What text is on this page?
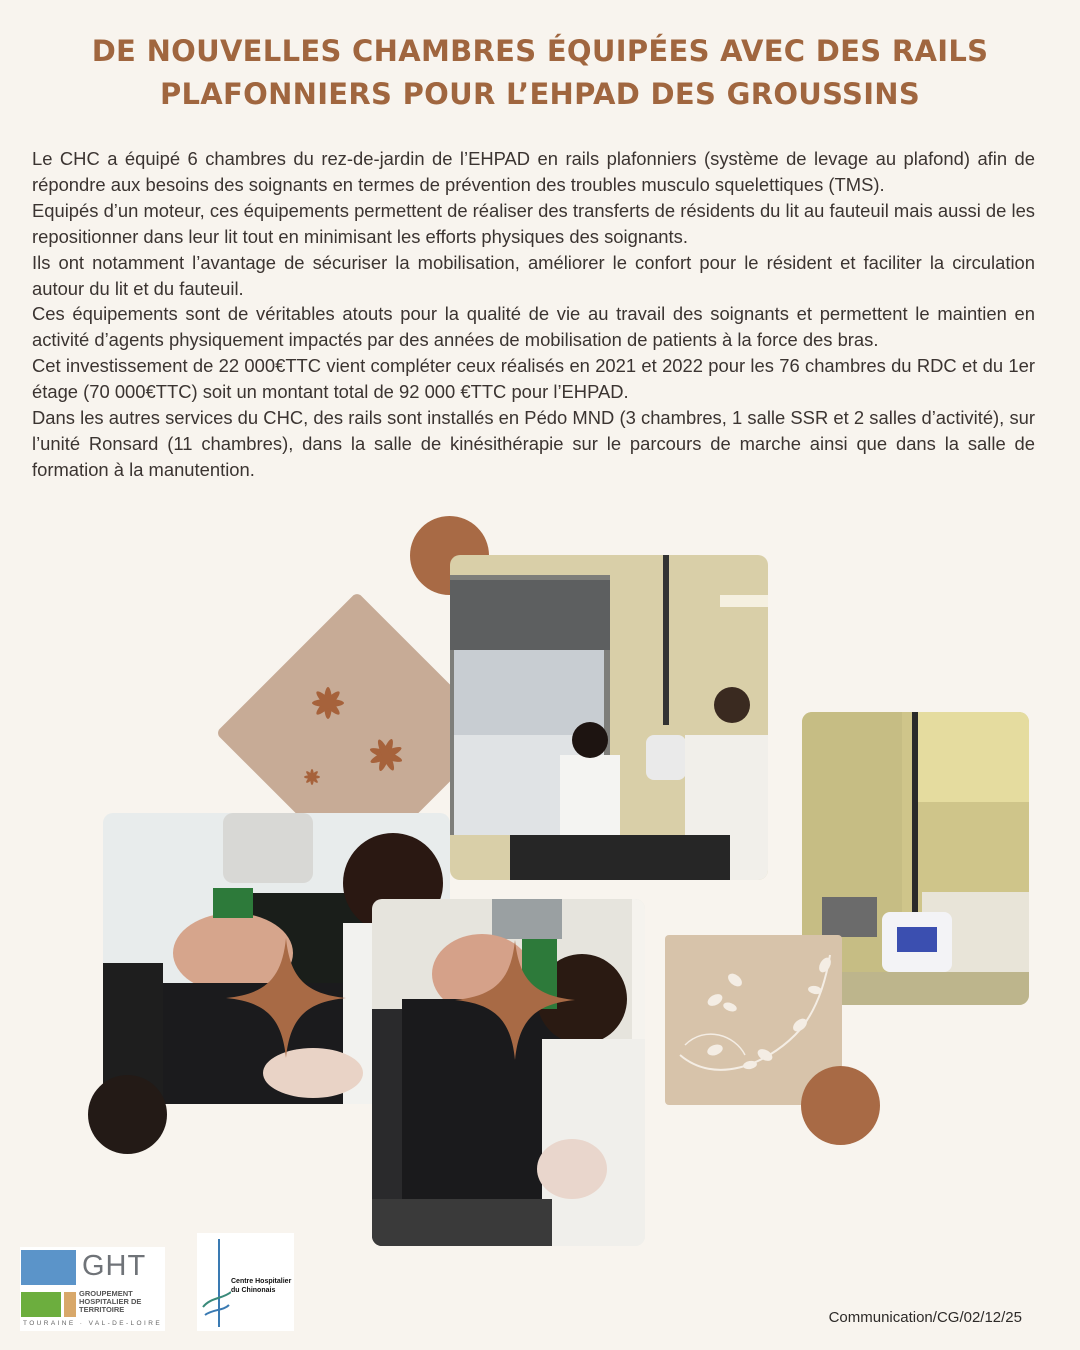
DE NOUVELLES CHAMBRES ÉQUIPÉES AVEC DES RAILS
PLAFONNIERS POUR L’EHPAD DES GROUSSINS

Le CHC a équipé 6 chambres du rez-de-jardin de l’EHPAD en rails plafonniers (système de levage au plafond) afin de répondre aux besoins des soignants en termes de prévention des troubles musculo squelettiques (TMS).

Equipés d’un moteur, ces équipements permettent de réaliser des transferts de résidents du lit au fauteuil mais aussi de les repositionner dans leur lit tout en minimisant les efforts physiques des soignants.

Ils ont notamment l’avantage de sécuriser la mobilisation, améliorer le confort pour le résident et faciliter la circulation autour du lit et du fauteuil.

Ces équipements sont de véritables atouts pour la qualité de vie au travail des soignants et permettent le maintien en activité d’agents physiquement impactés par des années de mobilisation de patients à la force des bras.

Cet investissement de 22 000€TTC vient compléter ceux réalisés en 2021 et 2022 pour les 76 chambres du RDC et du 1er étage (70 000€TTC) soit un montant total de 92 000 €TTC pour l’EHPAD.

Dans les autres services du CHC, des rails sont installés en Pédo MND (3 chambres, 1 salle SSR et 2 salles d’activité), sur l’unité Ronsard (11 chambres), dans la salle de kinésithérapie sur le parcours de marche ainsi que dans la salle de formation à la manutention.

GHT
GROUPEMENT HOSPITALIER DE TERRITOIRE
TOURAINE · VAL-DE-LOIRE
Centre Hospitalier du Chinonais
Communication/CG/02/12/25
